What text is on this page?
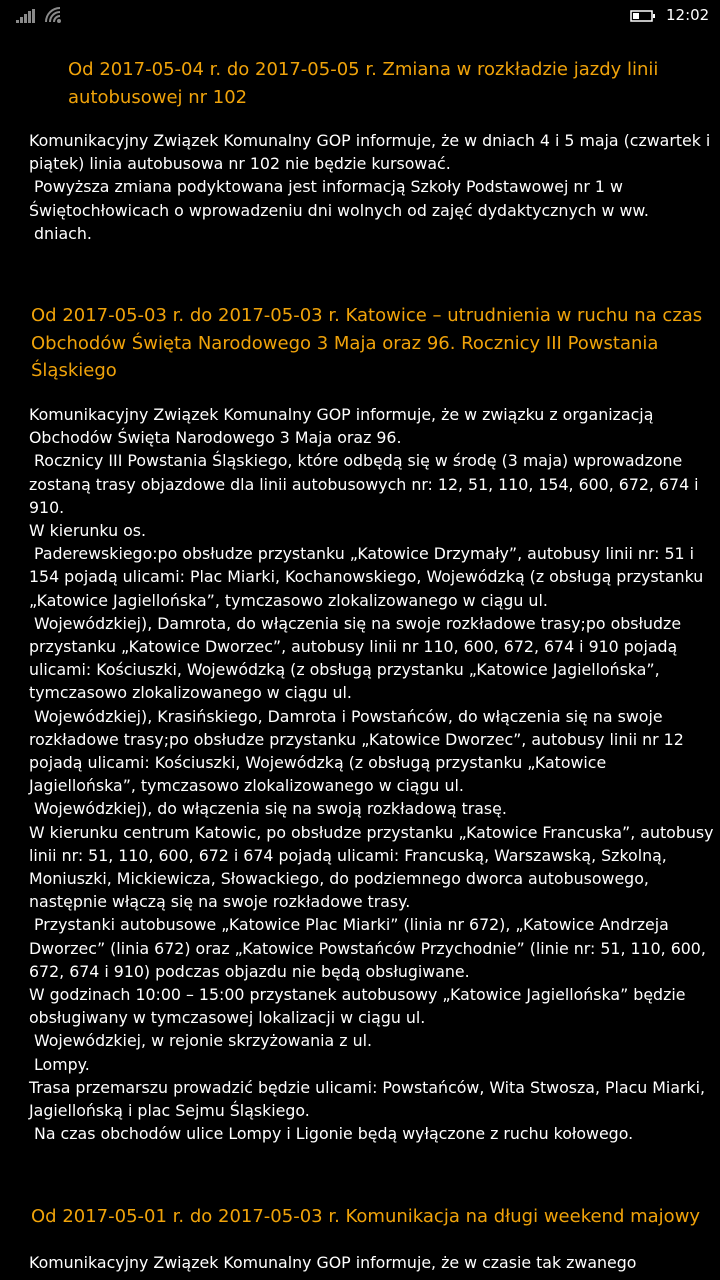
12:02
Od 2017-05-04 r. do 2017-05-05 r. Zmiana w rozkładzie jazdy linii autobusowej nr 102

Komunikacyjny Związek Komunalny GOP informuje, że w dniach 4 i 5 maja (czwartek i
piątek) linia autobusowa nr 102 nie będzie kursować.
Powyższa zmiana podyktowana jest informacją Szkoły Podstawowej nr 1 w
Świętochłowicach o wprowadzeniu dni wolnych od zajęć dydaktycznych w ww.
dniach.

Od 2017-05-03 r. do 2017-05-03 r. Katowice – utrudnienia w ruchu na czas Obchodów Święta Narodowego 3 Maja oraz 96. Rocznicy III Powstania Śląskiego

Komunikacyjny Związek Komunalny GOP informuje, że w związku z organizacją
Obchodów Święta Narodowego 3 Maja oraz 96.
Rocznicy III Powstania Śląskiego, które odbędą się w środę (3 maja) wprowadzone
zostaną trasy objazdowe dla linii autobusowych nr: 12, 51, 110, 154, 600, 672, 674 i
910.
W kierunku os.
Paderewskiego:po obsłudze przystanku „Katowice Drzymały”, autobusy linii nr: 51 i
154 pojadą ulicami: Plac Miarki, Kochanowskiego, Wojewódzką (z obsługą przystanku
„Katowice Jagiellońska”, tymczasowo zlokalizowanego w ciągu ul.
Wojewódzkiej), Damrota, do włączenia się na swoje rozkładowe trasy;po obsłudze
przystanku „Katowice Dworzec”, autobusy linii nr 110, 600, 672, 674 i 910 pojadą
ulicami: Kościuszki, Wojewódzką (z obsługą przystanku „Katowice Jagiellońska”,
tymczasowo zlokalizowanego w ciągu ul.
Wojewódzkiej), Krasińskiego, Damrota i Powstańców, do włączenia się na swoje
rozkładowe trasy;po obsłudze przystanku „Katowice Dworzec”, autobusy linii nr 12
pojadą ulicami: Kościuszki, Wojewódzką (z obsługą przystanku „Katowice
Jagiellońska”, tymczasowo zlokalizowanego w ciągu ul.
Wojewódzkiej), do włączenia się na swoją rozkładową trasę.
W kierunku centrum Katowic, po obsłudze przystanku „Katowice Francuska”, autobusy
linii nr: 51, 110, 600, 672 i 674 pojadą ulicami: Francuską, Warszawską, Szkolną,
Moniuszki, Mickiewicza, Słowackiego, do podziemnego dworca autobusowego,
następnie włączą się na swoje rozkładowe trasy.
Przystanki autobusowe „Katowice Plac Miarki” (linia nr 672), „Katowice Andrzeja
Dworzec” (linia 672) oraz „Katowice Powstańców Przychodnie” (linie nr: 51, 110, 600,
672, 674 i 910) podczas objazdu nie będą obsługiwane.
W godzinach 10:00 – 15:00 przystanek autobusowy „Katowice Jagiellońska” będzie
obsługiwany w tymczasowej lokalizacji w ciągu ul.
Wojewódzkiej, w rejonie skrzyżowania z ul.
Lompy.
Trasa przemarszu prowadzić będzie ulicami: Powstańców, Wita Stwosza, Placu Miarki,
Jagiellońską i plac Sejmu Śląskiego.
Na czas obchodów ulice Lompy i Ligonie będą wyłączone z ruchu kołowego.

Od 2017-05-01 r. do 2017-05-03 r. Komunikacja na długi weekend majowy

Komunikacyjny Związek Komunalny GOP informuje, że w czasie tak zwanego
